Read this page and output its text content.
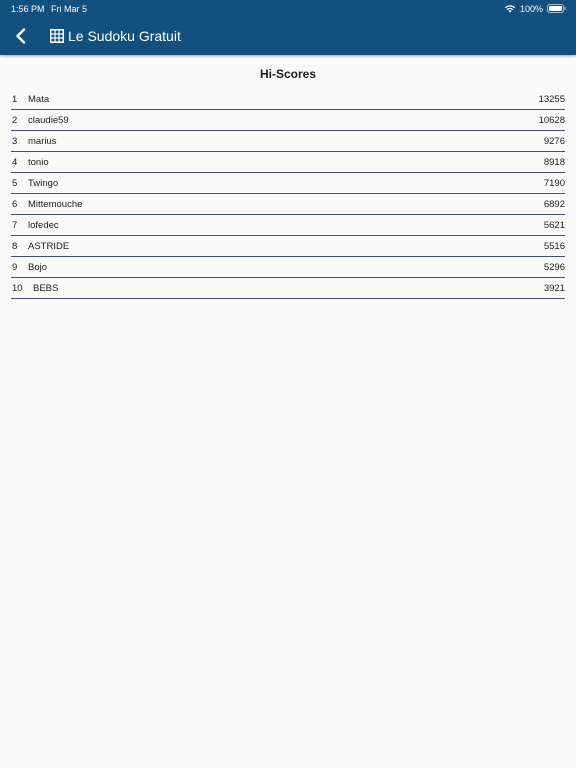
1:56 PM Fri Mar 5	100%
Le Sudoku Gratuit
Hi-Scores
1 Mata	13255
2 claudie59	10628
3 marius	9276
4 tonio	8918
5 Twingo	7190
6 Mittemouche	6892
7 lofedec	5621
8 ASTRIDE	5516
9 Bojo	5296
10 BEBS	3921
